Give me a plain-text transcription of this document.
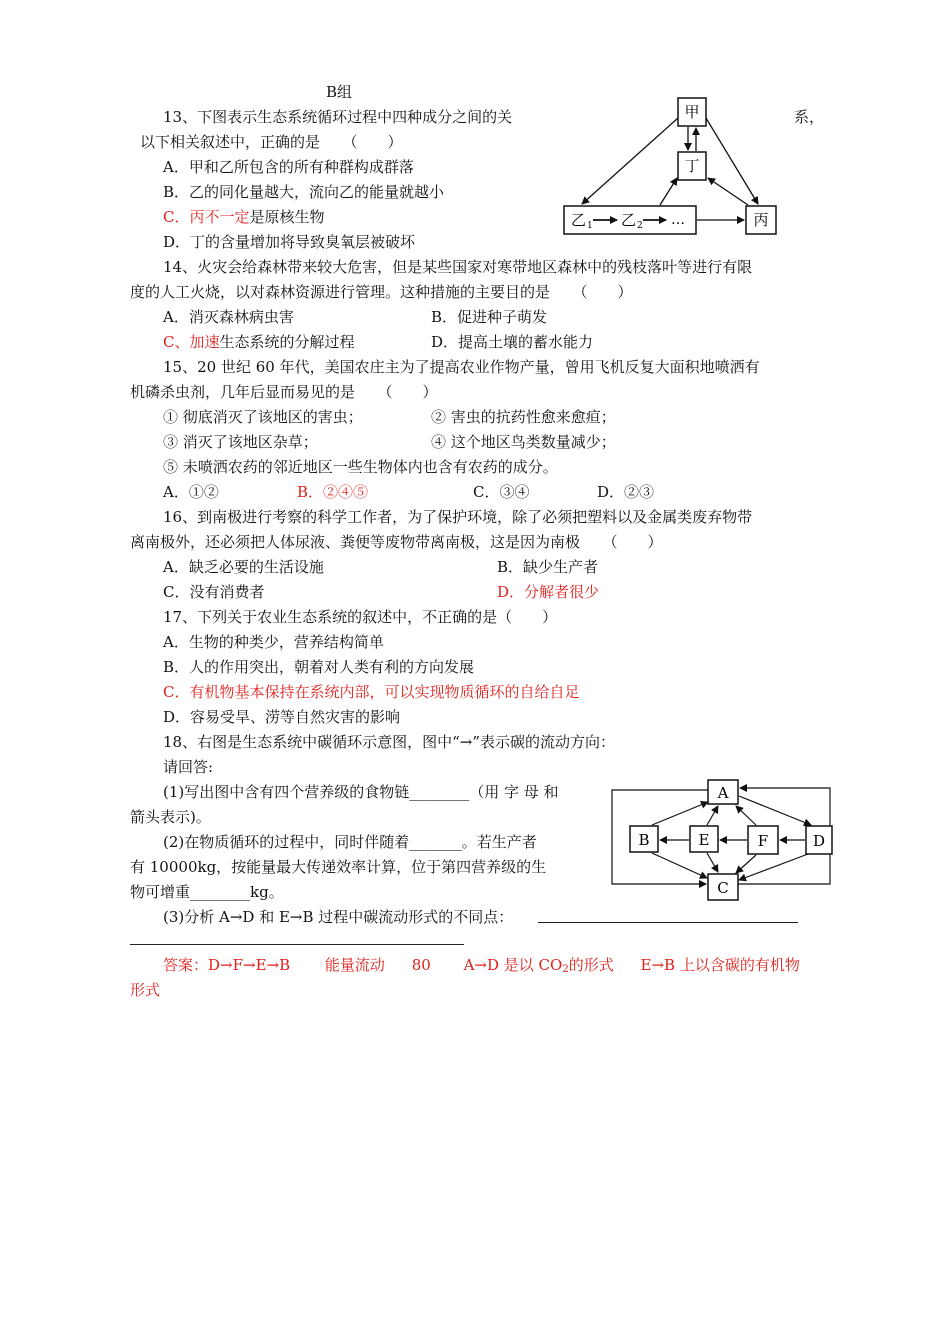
B组
13、下图表示生态系统循环过程中四种成分之间的关	系，
以下相关叙述中，正确的是　　（　　）
A．甲和乙所包含的所有种群构成群落
B．乙的同化量越大，流向乙的能量就越小
C．丙不一定是原核生物
D．丁的含量增加将导致臭氧层被破坏
甲
丁
丙
乙 1 乙 2 …
14、火灾会给森林带来较大危害，但是某些国家对寒带地区森林中的残枝落叶等进行有限
度的人工火烧，以对森林资源进行管理。这种措施的主要目的是　　（　　）
A．消灭森林病虫害	B．促进种子萌发
C、加速生态系统的分解过程	D．提高土壤的蓄水能力
15、20 世纪 60 年代，美国农庄主为了提高农业作物产量，曾用飞机反复大面积地喷洒有
机磷杀虫剂，几年后显而易见的是　　（　　）
① 彻底消灭了该地区的害虫；	② 害虫的抗药性愈来愈疸；
③ 消灭了该地区杂草；	④ 这个地区鸟类数量减少；
⑤ 未喷洒农药的邻近地区一些生物体内也含有农药的成分。
A．①②	B．②④⑤	C．③④	D．②③
16、到南极进行考察的科学工作者，为了保护环境，除了必须把塑料以及金属类废弃物带
离南极外，还必须把人体尿液、粪便等废物带离南极，这是因为南极　　（　　）
A．缺乏必要的生活设施	B．缺少生产者
C．没有消费者	D．分解者很少
17、下列关于农业生态系统的叙述中，不正确的是（　　）
A．生物的种类少，营养结构简单
B．人的作用突出，朝着对人类有利的方向发展
C．有机物基本保持在系统内部，可以实现物质循环的自给自足
D．容易受旱、涝等自然灾害的影响
18、右图是生态系统中碳循环示意图，图中“→”表示碳的流动方向：
请回答:
(1)写出图中含有四个营养级的食物链________（用 字 母 和
箭头表示)。
(2)在物质循环的过程中，同时伴随着_______。若生产者
有 10000kg，按能量最大传递效率计算，位于第四营养级的生
物可增重________kg。
(3)分析 A→D 和 E→B 过程中碳流动形式的不同点：
A
B	E	F	D
C
答案：D→F→E→B 能量流动 80 A→D 是以 $CO_2$的形式 E→B 上以含碳的有机物
形式
